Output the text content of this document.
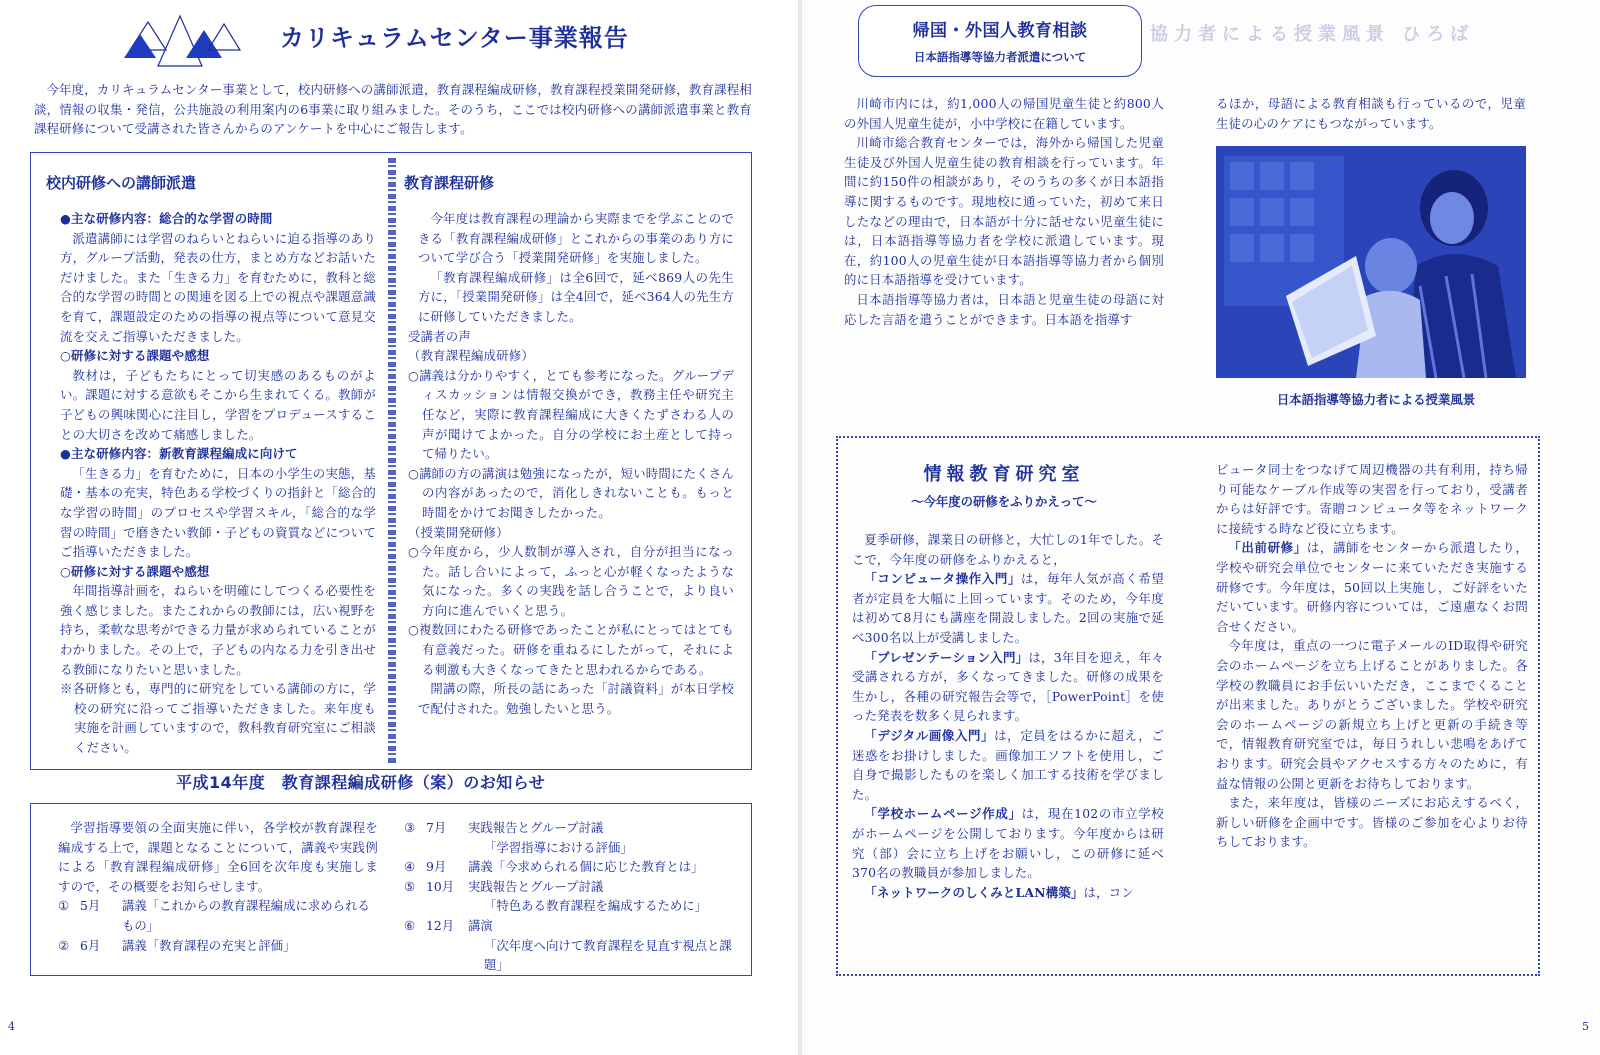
カリキュラムセンター事業報告
今年度，カリキュラムセンター事業として，校内研修への講師派遣，教育課程編成研修，教育課程授業開発研修，教育課程相談，情報の収集・発信，公共施設の利用案内の6事業に取り組みました。そのうち，ここでは校内研修への講師派遣事業と教育課程研修について受講された皆さんからのアンケートを中心にご報告します。
校内研修への講師派遣
●主な研修内容：総合的な学習の時間
派遣講師には学習のねらいとねらいに迫る指導のあり方，グループ活動，発表の仕方，まとめ方などお話いただけました。また「生きる力」を育むために，教科と総合的な学習の時間との関連を図る上での視点や課題意識を育て，課題設定のための指導の視点等について意見交流を交えご指導いただきました。
○研修に対する課題や感想
教材は，子どもたちにとって切実感のあるものがよい。課題に対する意欲もそこから生まれてくる。教師が子どもの興味関心に注目し，学習をプロデュースすることの大切さを改めて痛感しました。
●主な研修内容：新教育課程編成に向けて
「生きる力」を育むために，日本の小学生の実態，基礎・基本の充実，特色ある学校づくりの指針と「総合的な学習の時間」のプロセスや学習スキル，「総合的な学習の時間」で磨きたい教師・子どもの資質などについてご指導いただきました。
○研修に対する課題や感想
年間指導計画を，ねらいを明確にしてつくる必要性を強く感じました。またこれからの教師には，広い視野を持ち，柔軟な思考ができる力量が求められていることがわかりました。その上で，子どもの内なる力を引き出せる教師になりたいと思いました。
※各研修とも，専門的に研究をしている講師の方に，学校の研究に沿ってご指導いただきました。来年度も実施を計画していますので，教科教育研究室にご相談ください。
教育課程研修
今年度は教育課程の理論から実際までを学ぶことのできる「教育課程編成研修」とこれからの事業のあり方について学び合う「授業開発研修」を実施しました。
「教育課程編成研修」は全6回で，延べ869人の先生方に，「授業開発研修」は全4回で，延べ364人の先生方に研修していただきました。
受講者の声
（教育課程編成研修）
○講義は分かりやすく，とても参考になった。グループディスカッションは情報交換ができ，教務主任や研究主任など，実際に教育課程編成に大きくたずさわる人の声が聞けてよかった。自分の学校にお土産として持って帰りたい。
○講師の方の講演は勉強になったが，短い時間にたくさんの内容があったので，消化しきれないことも。もっと時間をかけてお聞きしたかった。
（授業開発研修）
○今年度から，少人数制が導入され，自分が担当になった。話し合いによって，ふっと心が軽くなったような気になった。多くの実践を話し合うことで，より良い方向に進んでいくと思う。
○複数回にわたる研修であったことが私にとってはとても有意義だった。研修を重ねるにしたがって，それによる刺激も大きくなってきたと思われるからである。
開講の際，所長の話にあった「討議資料」が本日学校で配付された。勉強したいと思う。
平成14年度　教育課程編成研修（案）のお知らせ
学習指導要領の全面実施に伴い，各学校が教育課程を編成する上で，課題となることについて，講義や実践例による「教育課程編成研修」全6回を次年度も実施しますので，その概要をお知らせします。
① 5月	講義「これからの教育課程編成に求められるもの」
② 6月	講義「教育課程の充実と評価」
③ 7月	実践報告とグループ討議
「学習指導における評価」
④ 9月	講義「今求められる個に応じた教育とは」
⑤ 10月	実践報告とグループ討議
「特色ある教育課程を編成するために」
⑥ 12月	講演
「次年度へ向けて教育課程を見直す視点と課題」
4
協力者による授業風景 ひろば
帰国・外国人教育相談
日本語指導等協力者派遣について
川崎市内には，約1,000人の帰国児童生徒と約800人の外国人児童生徒が，小中学校に在籍しています。
川崎市総合教育センターでは，海外から帰国した児童生徒及び外国人児童生徒の教育相談を行っています。年間に約150件の相談があり，そのうちの多くが日本語指導に関するものです。現地校に通っていた，初めて来日したなどの理由で，日本語が十分に話せない児童生徒には，日本語指導等協力者を学校に派遣しています。現在，約100人の児童生徒が日本語指導等協力者から個別的に日本語指導を受けています。
日本語指導等協力者は，日本語と児童生徒の母語に対応した言語を遣うことができます。日本語を指導す
るほか，母語による教育相談も行っているので，児童生徒の心のケアにもつながっています。
日本語指導等協力者による授業風景
情報教育研究室
〜今年度の研修をふりかえって〜
夏季研修，課業日の研修と，大忙しの1年でした。そこで，今年度の研修をふりかえると，
「コンピュータ操作入門」は，毎年人気が高く希望者が定員を大幅に上回っています。そのため，今年度は初めて8月にも講座を開設しました。2回の実施で延べ300名以上が受講しました。
「プレゼンテーション入門」は，3年目を迎え，年々受講される方が，多くなってきました。研修の成果を生かし，各種の研究報告会等で，［PowerPoint］を使った発表を数多く見られます。
「デジタル画像入門」は，定員をはるかに超え，ご迷惑をお掛けしました。画像加工ソフトを使用し，ご自身で撮影したものを楽しく加工する技術を学びました。
「学校ホームページ作成」は，現在102の市立学校がホームページを公開しております。今年度からは研究（部）会に立ち上げをお願いし，この研修に延べ370名の教職員が参加しました。
「ネットワークのしくみとLAN構築」は，コン
ピュータ同士をつなげて周辺機器の共有利用，持ち帰り可能なケーブル作成等の実習を行っており，受講者からは好評です。寄贈コンピュータ等をネットワークに接続する時など役に立ちます。
「出前研修」は，講師をセンターから派遣したり，学校や研究会単位でセンターに来ていただき実施する研修です。今年度は，50回以上実施し，ご好評をいただいています。研修内容については，ご遠慮なくお問合せください。
今年度は，重点の一つに電子メールのID取得や研究会のホームページを立ち上げることがありました。各学校の教職員にお手伝いいただき，ここまでくることが出来ました。ありがとうございました。学校や研究会のホームページの新規立ち上げと更新の手続き等で，情報教育研究室では，毎日うれしい悲鳴をあげております。研究会員やアクセスする方々のために，有益な情報の公開と更新をお待ちしております。
また，来年度は，皆様のニーズにお応えするべく，新しい研修を企画中です。皆様のご参加を心よりお待ちしております。
5
